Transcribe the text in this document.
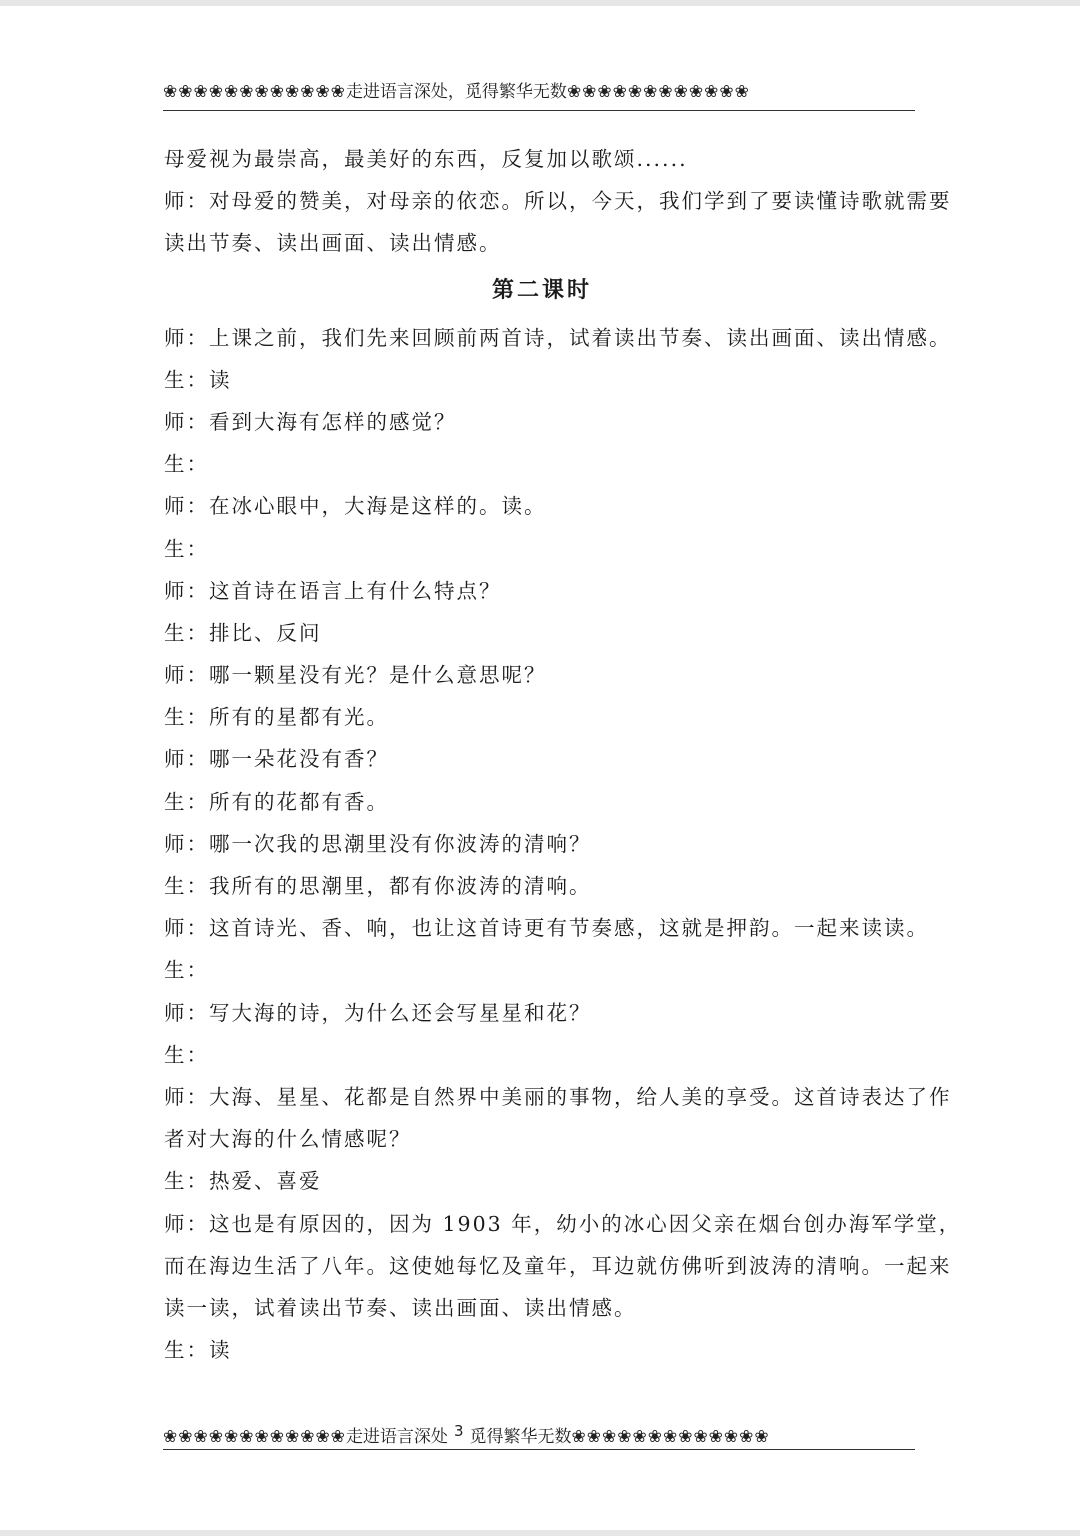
❀❀❀❀❀❀❀❀❀❀❀❀走进语言深处，觅得繁华无数❀❀❀❀❀❀❀❀❀❀❀❀
母爱视为最崇高，最美好的东西，反复加以歌颂......
师：对母爱的赞美，对母亲的依恋。所以，今天，我们学到了要读懂诗歌就需要
读出节奏、读出画面、读出情感。
第二课时
师：上课之前，我们先来回顾前两首诗，试着读出节奏、读出画面、读出情感。
生：读
师：看到大海有怎样的感觉？
生：
师：在冰心眼中，大海是这样的。读。
生：
师：这首诗在语言上有什么特点？
生：排比、反问
师：哪一颗星没有光？是什么意思呢？
生：所有的星都有光。
师：哪一朵花没有香？
生：所有的花都有香。
师：哪一次我的思潮里没有你波涛的清响？
生：我所有的思潮里，都有你波涛的清响。
师：这首诗光、香、响，也让这首诗更有节奏感，这就是押韵。一起来读读。
生：
师：写大海的诗，为什么还会写星星和花？
生：
师：大海、星星、花都是自然界中美丽的事物，给人美的享受。这首诗表达了作
者对大海的什么情感呢？
生：热爱、喜爱
师：这也是有原因的，因为 1903 年，幼小的冰心因父亲在烟台创办海军学堂，
而在海边生活了八年。这使她每忆及童年，耳边就仿佛听到波涛的清响。一起来
读一读，试着读出节奏、读出画面、读出情感。
生：读
❀❀❀❀❀❀❀❀❀❀❀❀走进语言深处 3 觅得繁华无数❀❀❀❀❀❀❀❀❀❀❀❀❀
